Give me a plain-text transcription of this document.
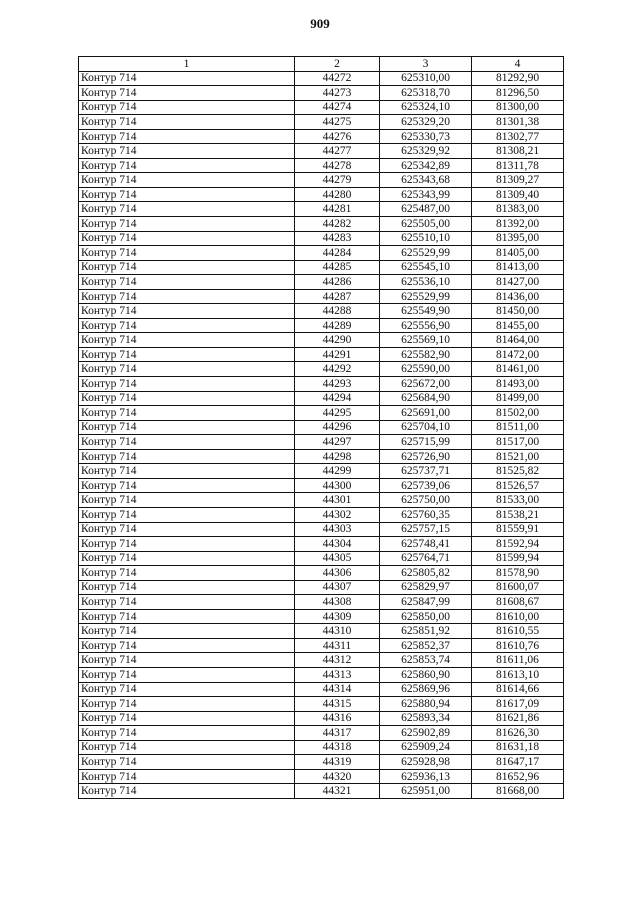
909
1	2	3	4
Контур 714	44272	625310,00	81292,90
Контур 714	44273	625318,70	81296,50
Контур 714	44274	625324,10	81300,00
Контур 714	44275	625329,20	81301,38
Контур 714	44276	625330,73	81302,77
Контур 714	44277	625329,92	81308,21
Контур 714	44278	625342,89	81311,78
Контур 714	44279	625343,68	81309,27
Контур 714	44280	625343,99	81309,40
Контур 714	44281	625487,00	81383,00
Контур 714	44282	625505,00	81392,00
Контур 714	44283	625510,10	81395,00
Контур 714	44284	625529,99	81405,00
Контур 714	44285	625545,10	81413,00
Контур 714	44286	625536,10	81427,00
Контур 714	44287	625529,99	81436,00
Контур 714	44288	625549,90	81450,00
Контур 714	44289	625556,90	81455,00
Контур 714	44290	625569,10	81464,00
Контур 714	44291	625582,90	81472,00
Контур 714	44292	625590,00	81461,00
Контур 714	44293	625672,00	81493,00
Контур 714	44294	625684,90	81499,00
Контур 714	44295	625691,00	81502,00
Контур 714	44296	625704,10	81511,00
Контур 714	44297	625715,99	81517,00
Контур 714	44298	625726,90	81521,00
Контур 714	44299	625737,71	81525,82
Контур 714	44300	625739,06	81526,57
Контур 714	44301	625750,00	81533,00
Контур 714	44302	625760,35	81538,21
Контур 714	44303	625757,15	81559,91
Контур 714	44304	625748,41	81592,94
Контур 714	44305	625764,71	81599,94
Контур 714	44306	625805,82	81578,90
Контур 714	44307	625829,97	81600,07
Контур 714	44308	625847,99	81608,67
Контур 714	44309	625850,00	81610,00
Контур 714	44310	625851,92	81610,55
Контур 714	44311	625852,37	81610,76
Контур 714	44312	625853,74	81611,06
Контур 714	44313	625860,90	81613,10
Контур 714	44314	625869,96	81614,66
Контур 714	44315	625880,94	81617,09
Контур 714	44316	625893,34	81621,86
Контур 714	44317	625902,89	81626,30
Контур 714	44318	625909,24	81631,18
Контур 714	44319	625928,98	81647,17
Контур 714	44320	625936,13	81652,96
Контур 714	44321	625951,00	81668,00
